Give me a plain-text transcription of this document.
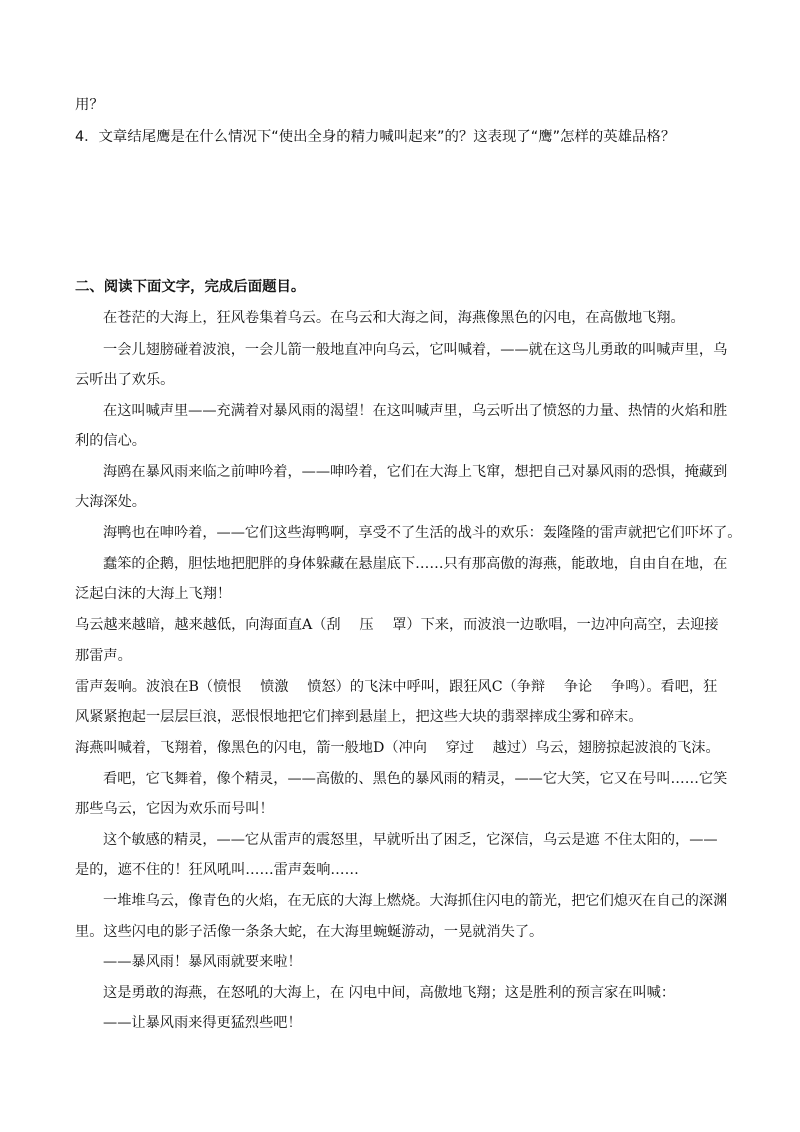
用？
4．文章结尾鹰是在什么情况下“使出全身的精力喊叫起来”的？这表现了“鹰”怎样的英雄品格？
二、阅读下面文字，完成后面题目。
在苍茫的大海上，狂风卷集着乌云。在乌云和大海之间，海燕像黑色的闪电，在高傲地飞翔。
一会儿翅膀碰着波浪，一会儿箭一般地直冲向乌云，它叫喊着，——就在这鸟儿勇敢的叫喊声里，乌
云听出了欢乐。
在这叫喊声里——充满着对暴风雨的渴望！在这叫喊声里，乌云听出了愤怒的力量、热情的火焰和胜
利的信心。
海鸥在暴风雨来临之前呻吟着，——呻吟着，它们在大海上飞窜，想把自己对暴风雨的恐惧，掩藏到
大海深处。
海鸭也在呻吟着，——它们这些海鸭啊，享受不了生活的战斗的欢乐：轰隆隆的雷声就把它们吓坏了。
蠢笨的企鹅，胆怯地把肥胖的身体躲藏在悬崖底下……只有那高傲的海燕，能敢地，自由自在地，在
泛起白沫的大海上飞翔！
乌云越来越暗，越来越低，向海面直A（刮　 压　 罩）下来，而波浪一边歌唱，一边冲向高空，去迎接
那雷声。
雷声轰响。波浪在B（愤恨　 愤激　 愤怒）的飞沫中呼叫，跟狂风C（争辩　 争论　 争鸣）。看吧，狂
风紧紧抱起一层层巨浪，恶恨恨地把它们摔到悬崖上，把这些大块的翡翠摔成尘雾和碎末。
海燕叫喊着，飞翔着，像黑色的闪电，箭一般地D（冲向　 穿过　 越过）乌云，翅膀掠起波浪的飞沫。
看吧，它飞舞着，像个精灵，——高傲的、黑色的暴风雨的精灵，——它大笑，它又在号叫……它笑
那些乌云，它因为欢乐而号叫！
这个敏感的精灵，——它从雷声的震怒里，早就听出了困乏，它深信，乌云是遮 不住太阳的，——
是的，遮不住的！狂风吼叫……雷声轰响……
一堆堆乌云，像青色的火焰，在无底的大海上燃烧。大海抓住闪电的箭光，把它们熄灭在自己的深渊
里。这些闪电的影子活像一条条大蛇，在大海里蜿蜒游动，一晃就消失了。
——暴风雨！暴风雨就要来啦！
这是勇敢的海燕，在怒吼的大海上，在 闪电中间，高傲地飞翔；这是胜利的预言家在叫喊：
——让暴风雨来得更猛烈些吧！
